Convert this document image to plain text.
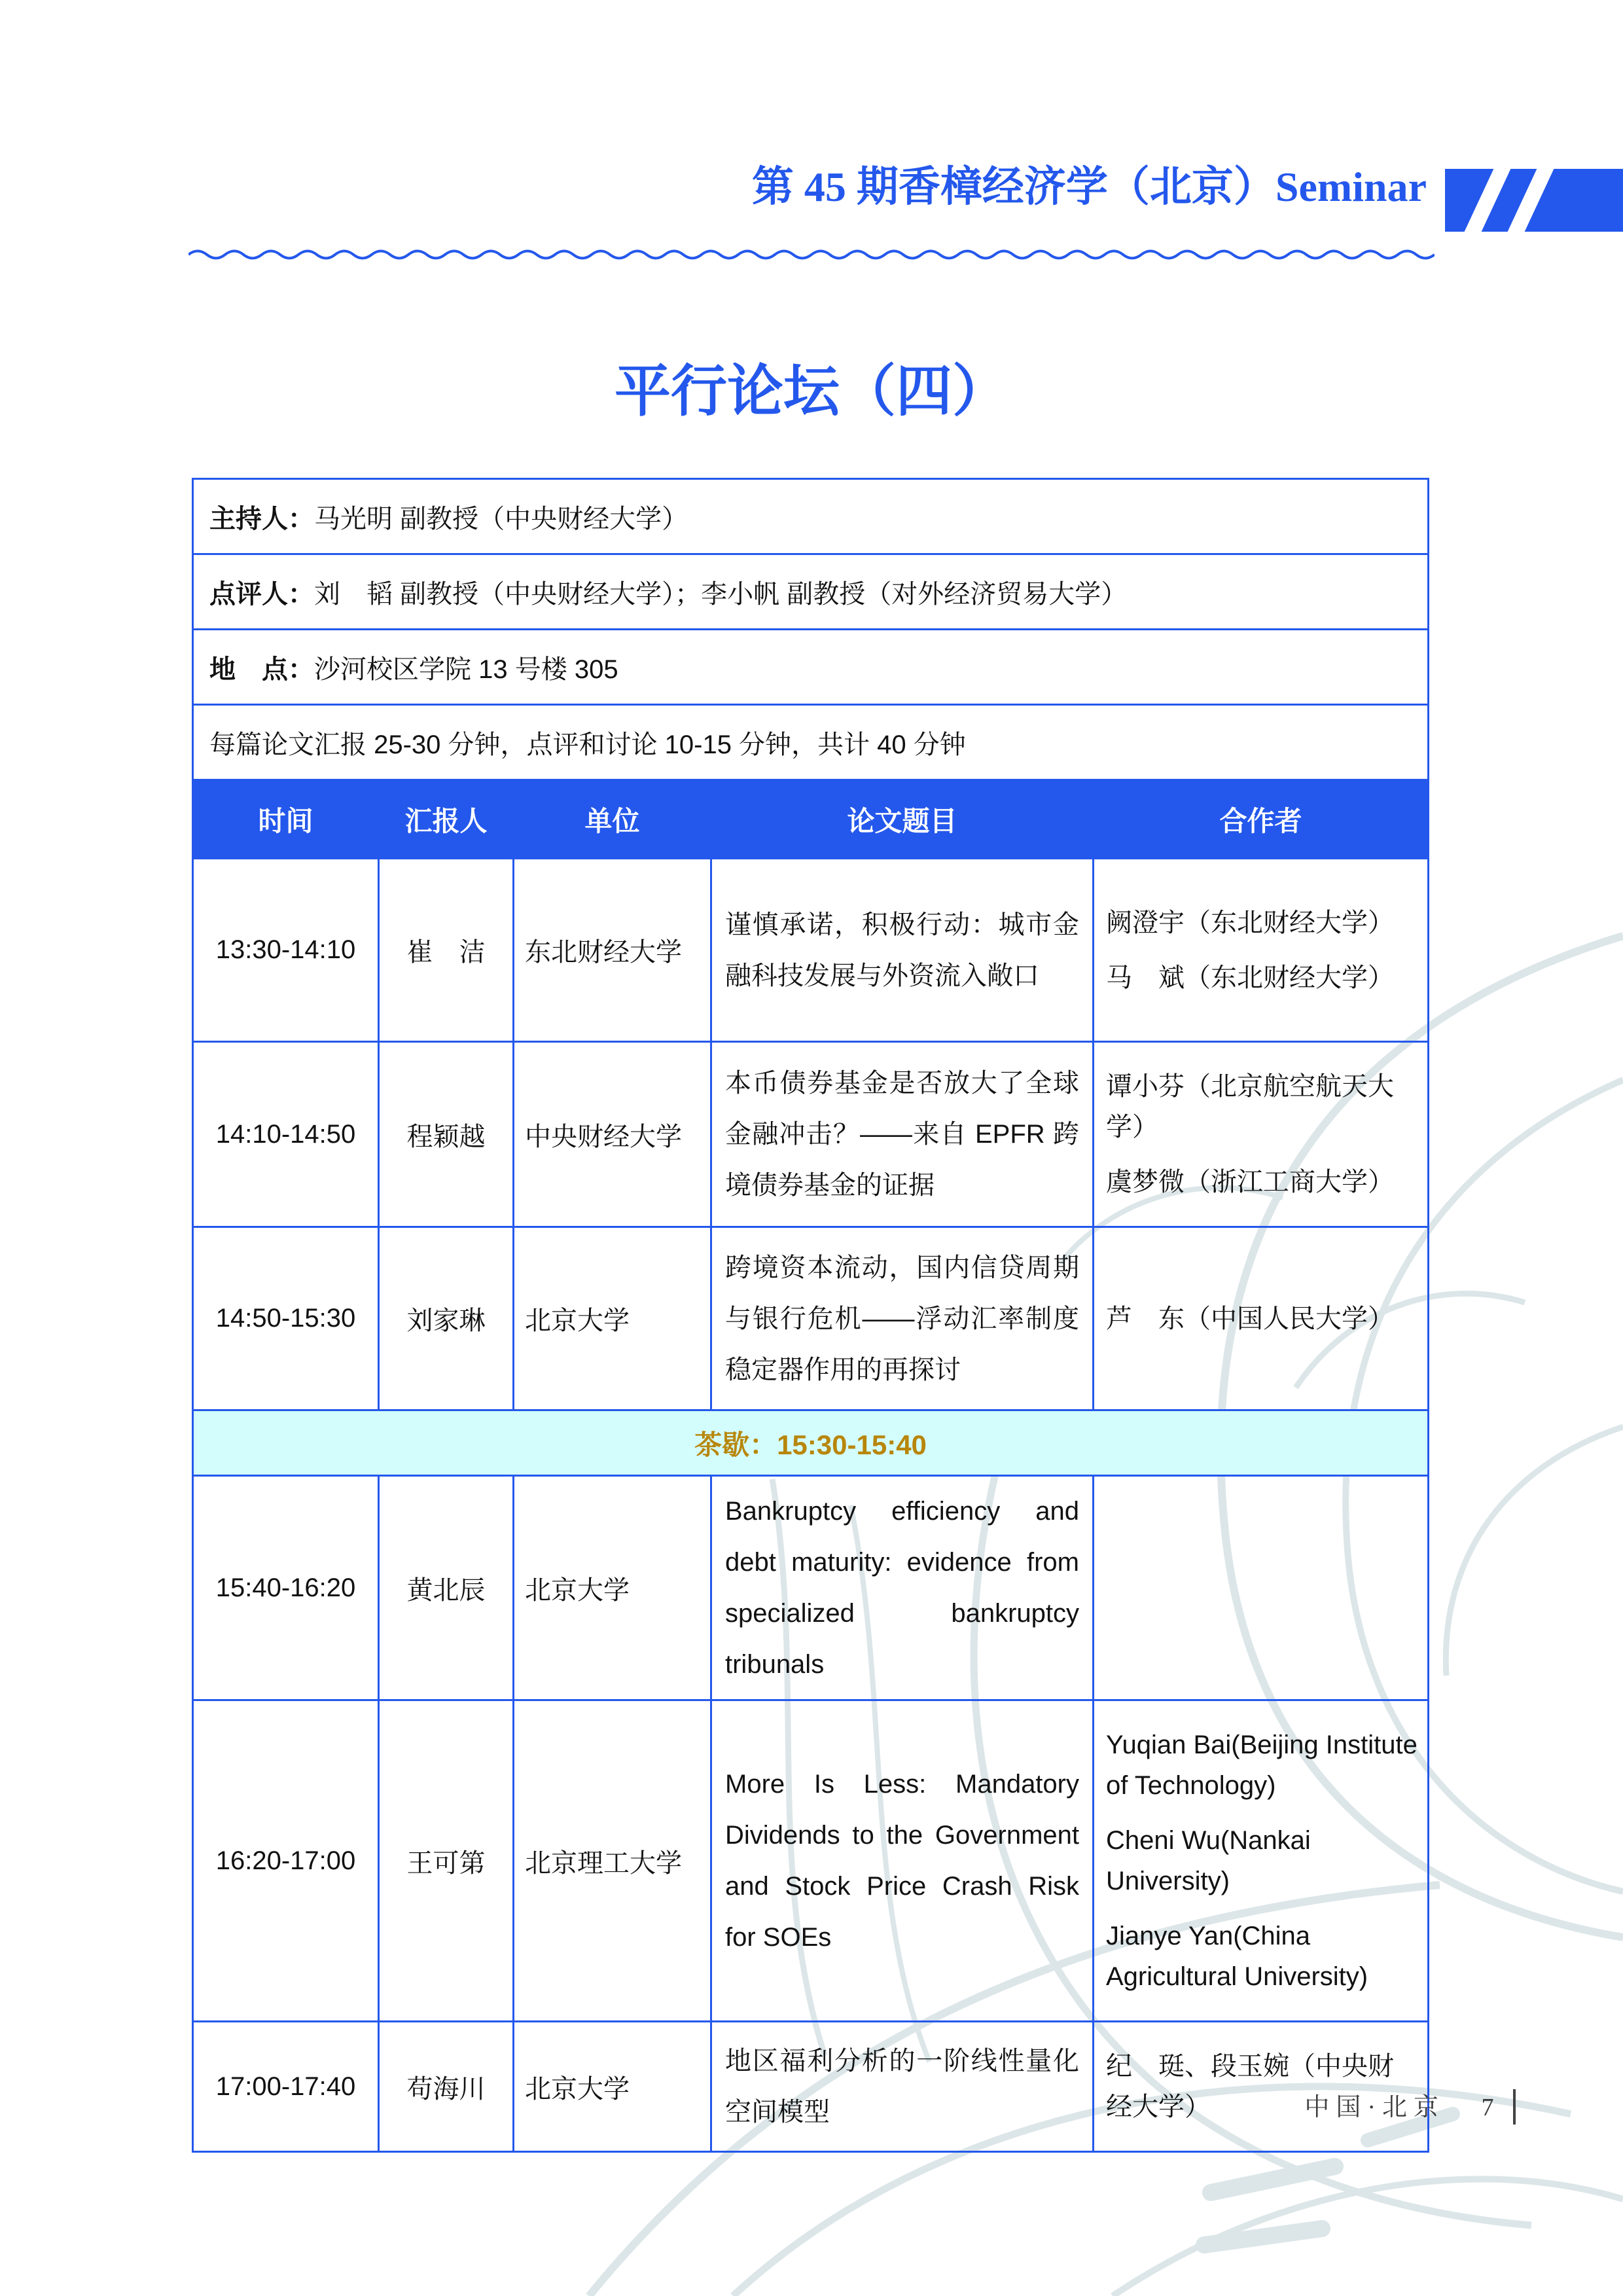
第 45 期香樟经济学（北京）Seminar
平行论坛（四）
主持人：马光明 副教授（中央财经大学）				
点评人：刘　韬 副教授（中央财经大学）；李小帆 副教授（对外经济贸易大学）				
地　点：沙河校区学院 13 号楼 305				
每篇论文汇报 25-30 分钟，点评和讨论 10-15 分钟，共计 40 分钟				
时间	汇报人	单位	论文题目	合作者
13:30-14:10	崔　洁	东北财经大学	谨慎承诺，积极行动：城市金融科技发展与外资流入敞口	阙澄宇（东北财经大学）

马　斌（东北财经大学）

14:10-14:50	程颖越	中央财经大学	本币债券基金是否放大了全球金融冲击？——来自 EPFR 跨境债券基金的证据	谭小芬（北京航空航天大学）

虞梦微（浙江工商大学）

14:50-15:30	刘家琳	北京大学	跨境资本流动，国内信贷周期与银行危机——浮动汇率制度稳定器作用的再探讨	芦　东（中国人民大学）

茶歇：15:30-15:40				
15:40-16:20	黄北辰	北京大学	Bankruptcy efficiency and debt maturity: evidence from specialized bankruptcy tribunals	
16:20-17:00	王可第	北京理工大学	More Is Less: Mandatory Dividends to the Government and Stock Price Crash Risk for SOEs	Yuqian Bai(Beijing Institute of Technology)

Cheni Wu(Nankai University)

Jianye Yan(China Agricultural University)

17:00-17:40	苟海川	北京大学	地区福利分析的一阶线性量化空间模型	纪　珽、段玉婉（中央财经大学）	中国·北京 7
